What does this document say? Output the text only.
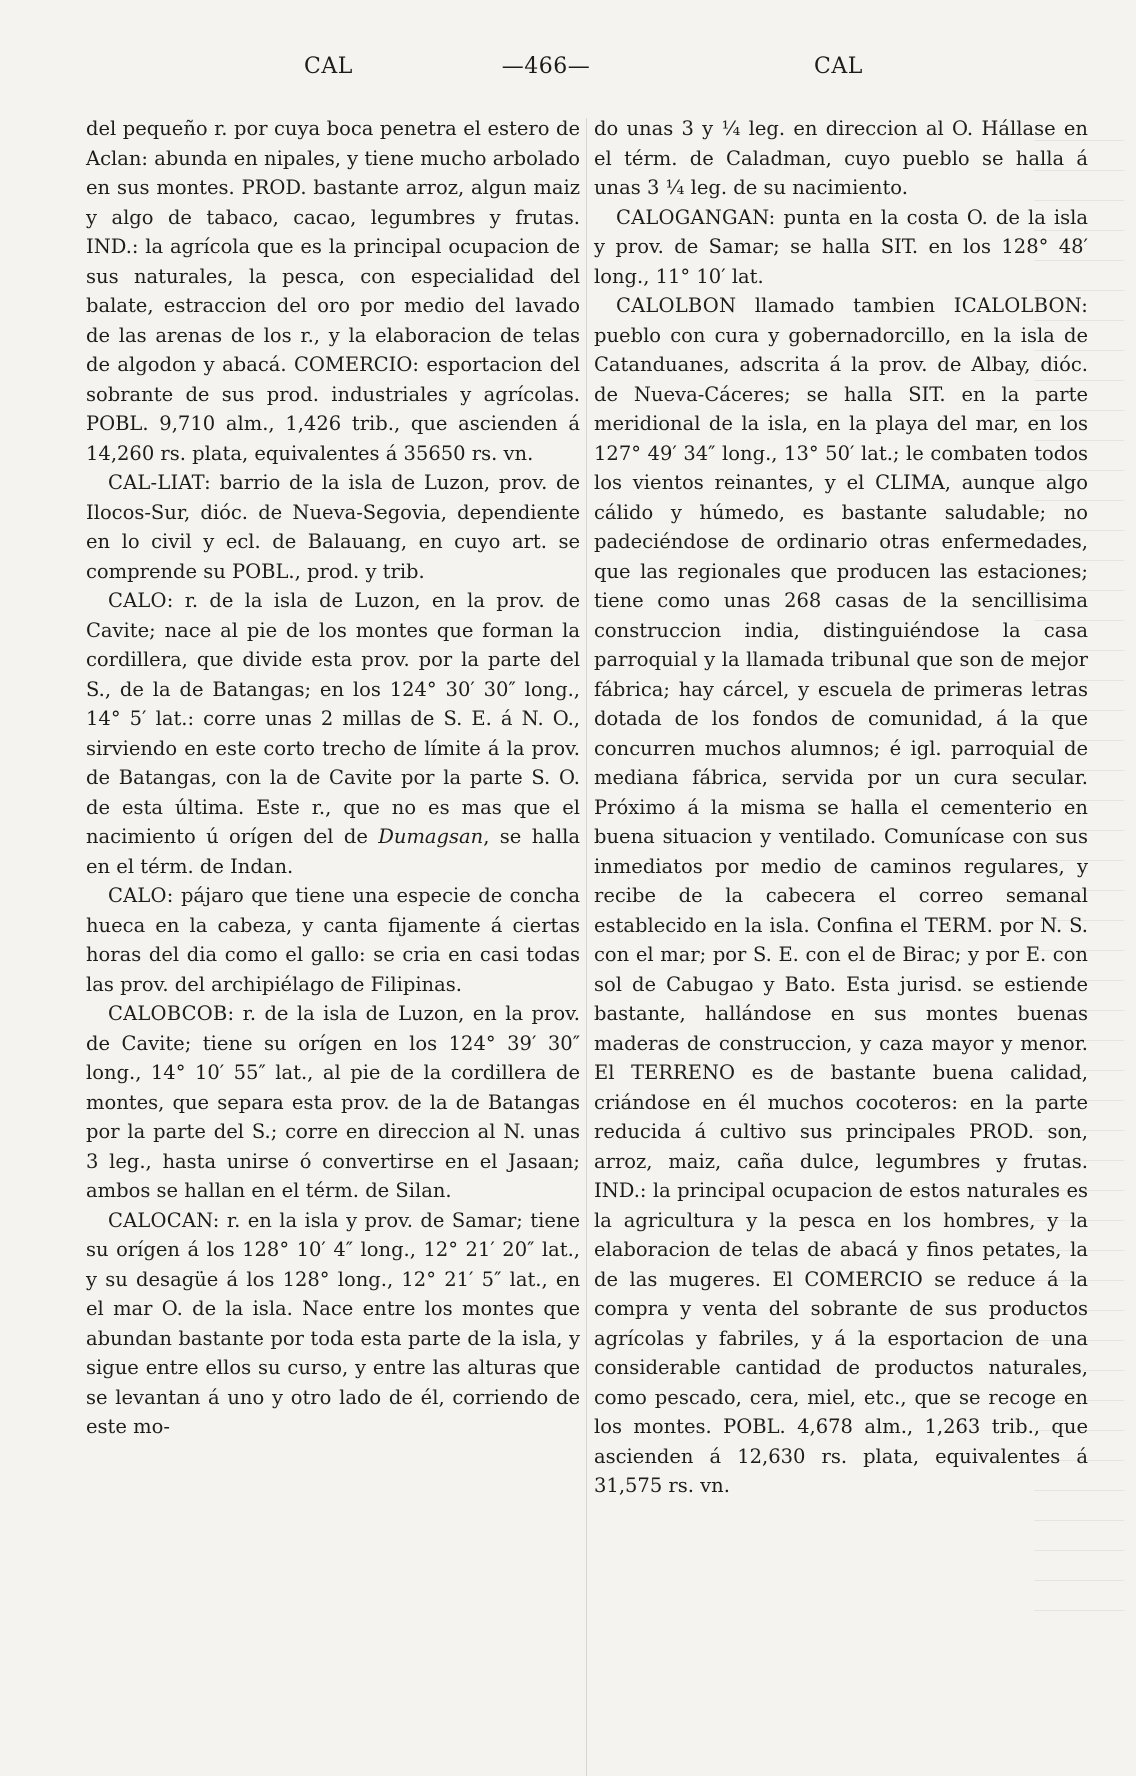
CAL	—466—	CAL

del pequeño r. por cuya boca penetra el estero de Aclan: abunda en nipales, y tiene mucho arbolado en sus montes. PROD. bastante arroz, algun maiz y algo de tabaco, cacao, legumbres y frutas. IND.: la agrícola que es la principal ocupacion de sus naturales, la pesca, con especialidad del balate, estraccion del oro por medio del lavado de las arenas de los r., y la elaboracion de telas de algodon y abacá. COMERCIO: esportacion del sobrante de sus prod. industriales y agrícolas. POBL. 9,710 alm., 1,426 trib., que ascienden á 14,260 rs. plata, equivalentes á 35650 rs. vn.

CAL-LIAT: barrio de la isla de Luzon, prov. de Ilocos-Sur, dióc. de Nueva-Segovia, dependiente en lo civil y ecl. de Balauang, en cuyo art. se comprende su POBL., prod. y trib.

CALO: r. de la isla de Luzon, en la prov. de Cavite; nace al pie de los montes que forman la cordillera, que divide esta prov. por la parte del S., de la de Batangas; en los 124° 30′ 30″ long., 14° 5′ lat.: corre unas 2 millas de S. E. á N. O., sirviendo en este corto trecho de límite á la prov. de Batangas, con la de Cavite por la parte S. O. de esta última. Este r., que no es mas que el nacimiento ú orígen del de Dumagsan, se halla en el térm. de Indan.

CALO: pájaro que tiene una especie de concha hueca en la cabeza, y canta fijamente á ciertas horas del dia como el gallo: se cria en casi todas las prov. del archipiélago de Filipinas.

CALOBCOB: r. de la isla de Luzon, en la prov. de Cavite; tiene su orígen en los 124° 39′ 30″ long., 14° 10′ 55″ lat., al pie de la cordillera de montes, que separa esta prov. de la de Batangas por la parte del S.; corre en direccion al N. unas 3 leg., hasta unirse ó convertirse en el Jasaan; ambos se hallan en el térm. de Silan.

CALOCAN: r. en la isla y prov. de Samar; tiene su orígen á los 128° 10′ 4″ long., 12° 21′ 20″ lat., y su desagüe á los 128° long., 12° 21′ 5″ lat., en el mar O. de la isla. Nace entre los montes que abundan bastante por toda esta parte de la isla, y sigue entre ellos su curso, y entre las alturas que se levantan á uno y otro lado de él, corriendo de este mo-

do unas 3 y ¼ leg. en direccion al O. Hállase en el térm. de Caladman, cuyo pueblo se halla á unas 3 ¼ leg. de su nacimiento.

CALOGANGAN: punta en la costa O. de la isla y prov. de Samar; se halla SIT. en los 128° 48′ long., 11° 10′ lat.

CALOLBON llamado tambien ICALOLBON: pueblo con cura y gobernadorcillo, en la isla de Catanduanes, adscrita á la prov. de Albay, dióc. de Nueva-Cáceres; se halla SIT. en la parte meridional de la isla, en la playa del mar, en los 127° 49′ 34″ long., 13° 50′ lat.; le combaten todos los vientos reinantes, y el CLIMA, aunque algo cálido y húmedo, es bastante saludable; no padeciéndose de ordinario otras enfermedades, que las regionales que producen las estaciones; tiene como unas 268 casas de la sencillisima construccion india, distinguiéndose la casa parroquial y la llamada tribunal que son de mejor fábrica; hay cárcel, y escuela de primeras letras dotada de los fondos de comunidad, á la que concurren muchos alumnos; é igl. parroquial de mediana fábrica, servida por un cura secular. Próximo á la misma se halla el cementerio en buena situacion y ventilado. Comunícase con sus inmediatos por medio de caminos regulares, y recibe de la cabecera el correo semanal establecido en la isla. Confina el TERM. por N. S. con el mar; por S. E. con el de Birac; y por E. con sol de Cabugao y Bato. Esta jurisd. se estiende bastante, hallándose en sus montes buenas maderas de construccion, y caza mayor y menor. El TERRENO es de bastante buena calidad, criándose en él muchos cocoteros: en la parte reducida á cultivo sus principales PROD. son, arroz, maiz, caña dulce, legumbres y frutas. IND.: la principal ocupacion de estos naturales es la agricultura y la pesca en los hombres, y la elaboracion de telas de abacá y finos petates, la de las mugeres. El COMERCIO se reduce á la compra y venta del sobrante de sus productos agrícolas y fabriles, y á la esportacion de una considerable cantidad de productos naturales, como pescado, cera, miel, etc., que se recoge en los montes. POBL. 4,678 alm., 1,263 trib., que ascienden á 12,630 rs. plata, equivalentes á 31,575 rs. vn.
